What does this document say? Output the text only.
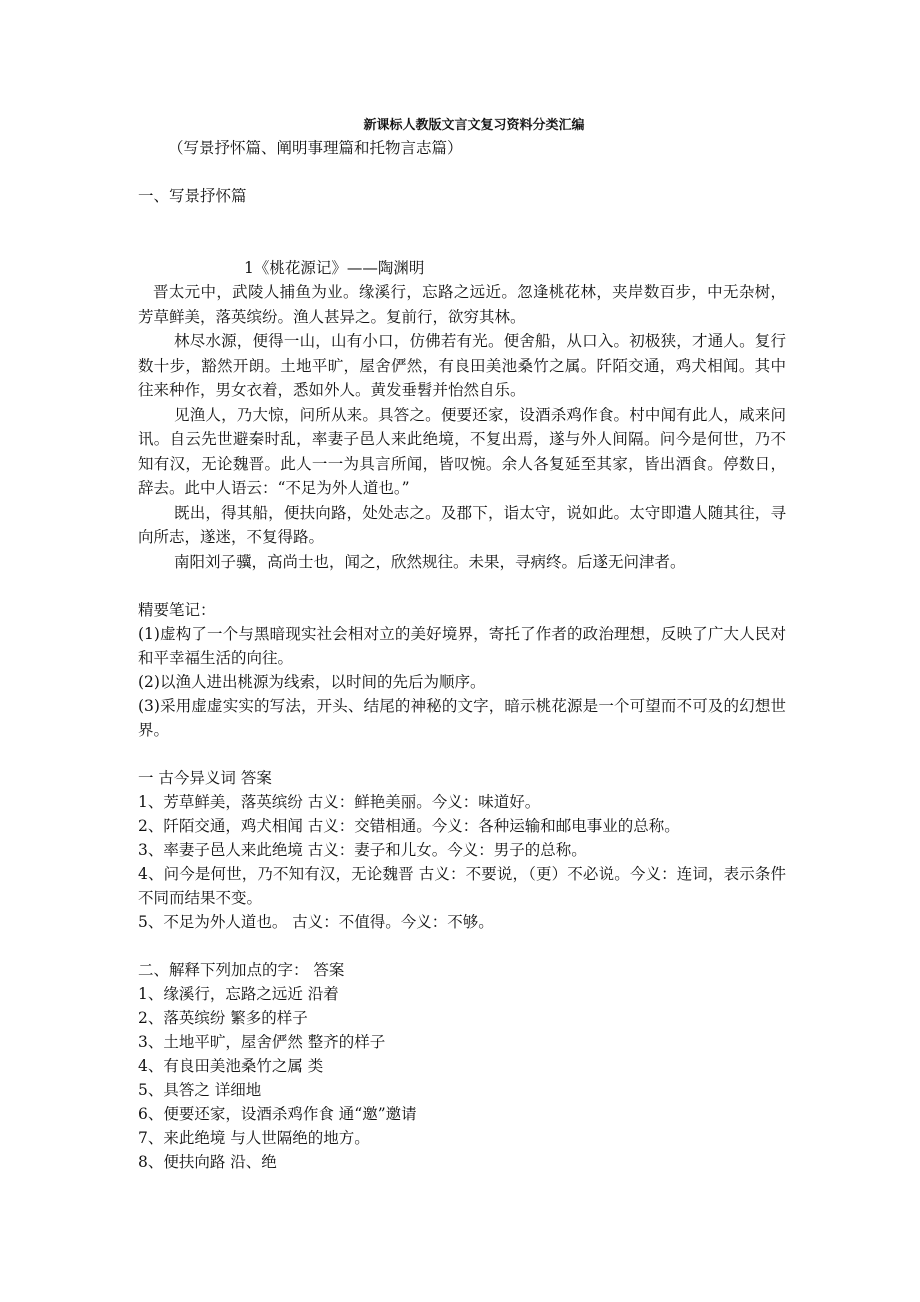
新课标人教版文言文复习资料分类汇编
（写景抒怀篇、阐明事理篇和托物言志篇）
一、写景抒怀篇
1《桃花源记》——陶渊明
晋太元中，武陵人捕鱼为业。缘溪行，忘路之远近。忽逢桃花林，夹岸数百步，中无杂树，芳草鲜美，落英缤纷。渔人甚异之。复前行，欲穷其林。
林尽水源，便得一山，山有小口，仿佛若有光。便舍船，从口入。初极狭，才通人。复行数十步，豁然开朗。土地平旷，屋舍俨然，有良田美池桑竹之属。阡陌交通，鸡犬相闻。其中往来种作，男女衣着，悉如外人。黄发垂髫并怡然自乐。
见渔人，乃大惊，问所从来。具答之。便要还家，设酒杀鸡作食。村中闻有此人，咸来问讯。自云先世避秦时乱，率妻子邑人来此绝境，不复出焉，遂与外人间隔。问今是何世，乃不知有汉，无论魏晋。此人一一为具言所闻，皆叹惋。余人各复延至其家，皆出酒食。停数日，辞去。此中人语云：“不足为外人道也。”
既出，得其船，便扶向路，处处志之。及郡下，诣太守，说如此。太守即遣人随其往，寻向所志，遂迷，不复得路。
南阳刘子骥，高尚士也，闻之，欣然规往。未果，寻病终。后遂无问津者。
精要笔记：
(1)虚构了一个与黑暗现实社会相对立的美好境界，寄托了作者的政治理想，反映了广大人民对和平幸福生活的向往。
(2)以渔人进出桃源为线索，以时间的先后为顺序。
(3)采用虚虚实实的写法，开头、结尾的神秘的文字，暗示桃花源是一个可望而不可及的幻想世界。
一 古今异义词 答案
1、芳草鲜美，落英缤纷 古义：鲜艳美丽。今义：味道好。
2、阡陌交通，鸡犬相闻 古义：交错相通。今义：各种运输和邮电事业的总称。
3、率妻子邑人来此绝境 古义：妻子和儿女。今义：男子的总称。
4、问今是何世，乃不知有汉，无论魏晋 古义：不要说，（更）不必说。今义：连词，表示条件不同而结果不变。
5、不足为外人道也。 古义：不值得。今义：不够。
二、解释下列加点的字： 答案
1、缘溪行，忘路之远近 沿着
2、落英缤纷 繁多的样子
3、土地平旷，屋舍俨然 整齐的样子
4、有良田美池桑竹之属 类
5、具答之 详细地
6、便要还家，设酒杀鸡作食 通“邀”邀请
7、来此绝境 与人世隔绝的地方。
8、便扶向路 沿、绝
